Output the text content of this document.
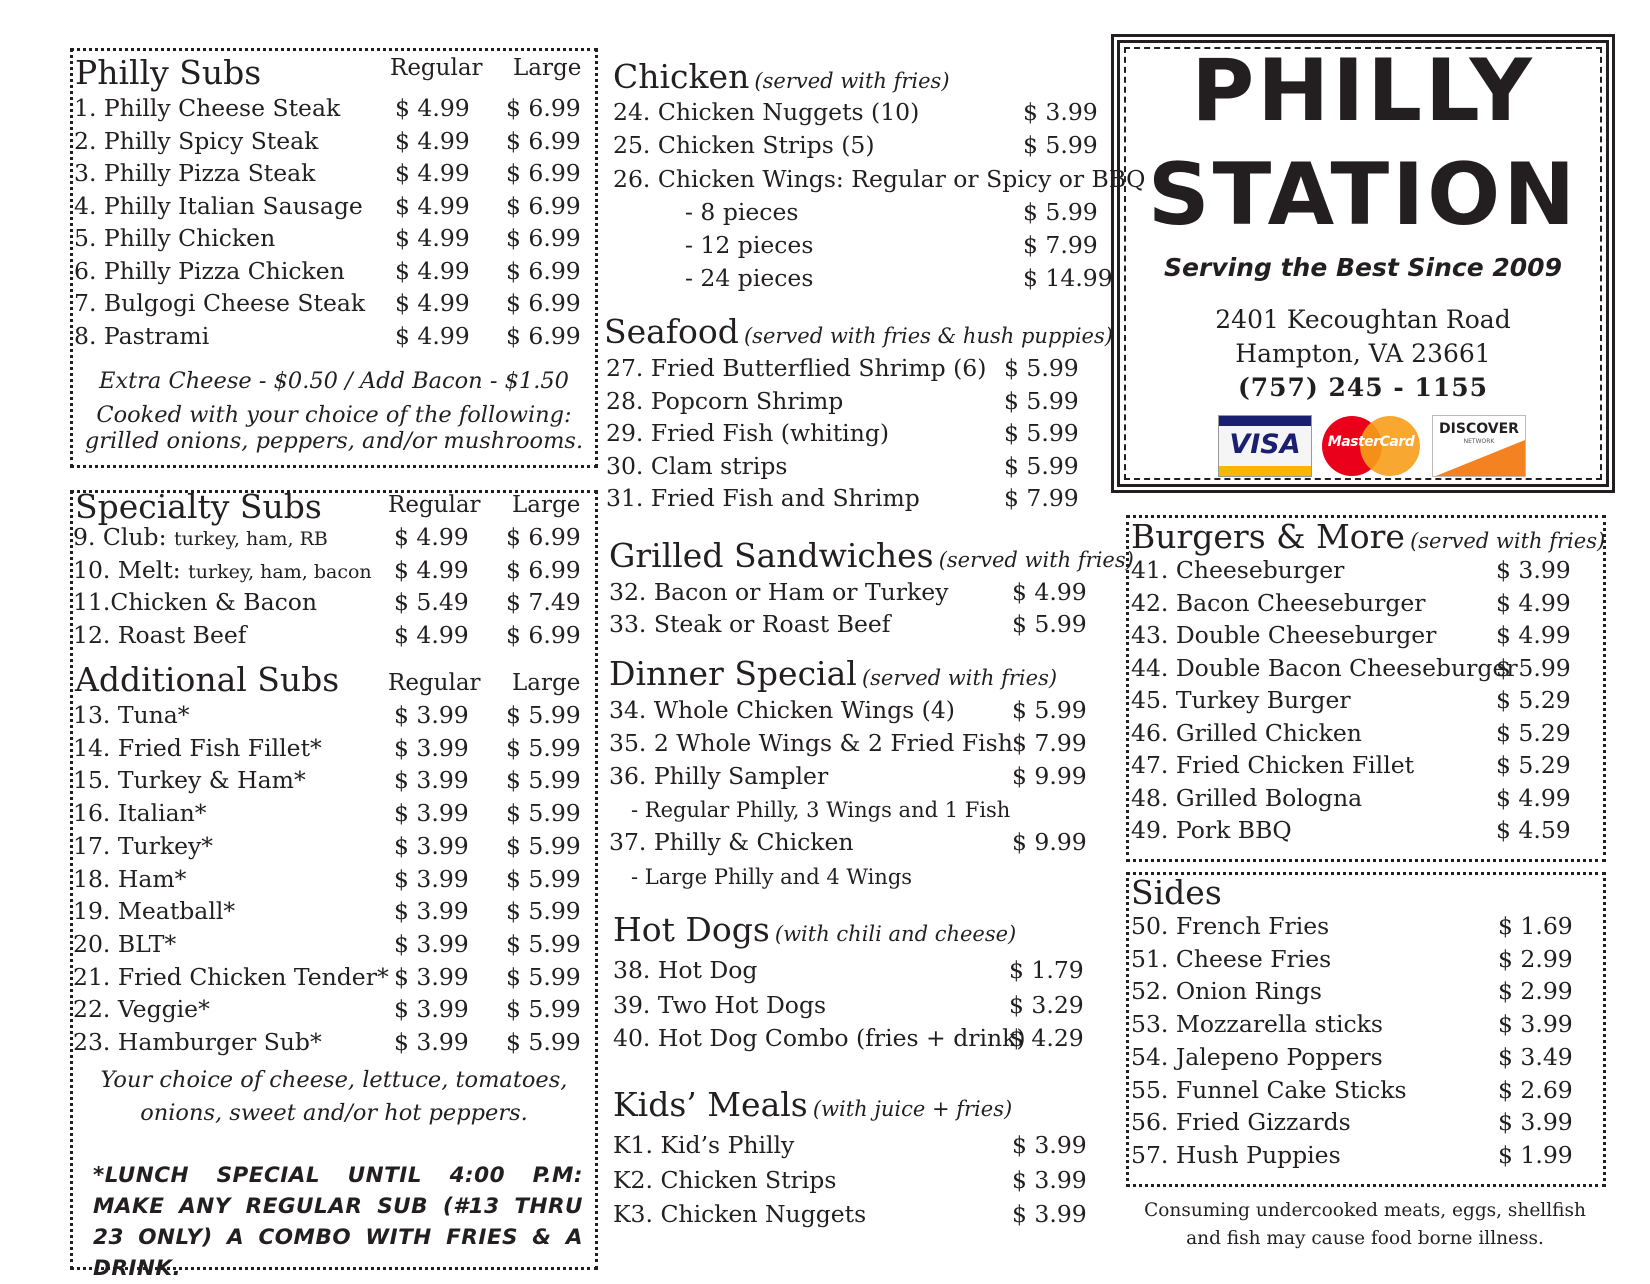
Philly Subs	Regular Large
1. Philly Cheese Steak $ 4.99 $ 6.99
2. Philly Spicy Steak	$ 4.99 $ 6.99
3. Philly Pizza Steak	$ 4.99 $ 6.99
4. Philly Italian Sausage $ 4.99 $ 6.99
5. Philly Chicken	$ 4.99 $ 6.99
6. Philly Pizza Chicken $ 4.99 $ 6.99
7. Bulgogi Cheese Steak $ 4.99 $ 6.99
8. Pastrami	$ 4.99 $ 6.99
Extra Cheese - $0.50 / Add Bacon - $1.50
Cooked with your choice of the following:
grilled onions, peppers, and/or mushrooms.
Specialty Subs	Regular Large
9. Club: turkey, ham, RB	$ 4.99 $ 6.99
10. Melt: turkey, ham, bacon $ 4.99 $ 6.99
11.Chicken & Bacon	$ 5.49 $ 7.49
12. Roast Beef	$ 4.99 $ 6.99
Additional Subs Regular Large
13. Tuna*	$ 3.99 $ 5.99
14. Fried Fish Fillet*	$ 3.99 $ 5.99
15. Turkey & Ham*	$ 3.99 $ 5.99
16. Italian*	$ 3.99 $ 5.99
17. Turkey*	$ 3.99 $ 5.99
18. Ham*	$ 3.99 $ 5.99
19. Meatball*	$ 3.99 $ 5.99
20. BLT*	$ 3.99 $ 5.99
21. Fried Chicken Tender* $ 3.99 $ 5.99
22. Veggie*	$ 3.99 $ 5.99
23. Hamburger Sub*	$ 3.99 $ 5.99
Your choice of cheese, lettuce, tomatoes,
onions, sweet and/or hot peppers.
*LUNCH SPECIAL UNTIL 4:00 P.M: MAKE ANY REGULAR SUB (#13 THRU 23 ONLY) A COMBO WITH FRIES & A DRINK.
Chicken (served with fries)
24. Chicken Nuggets (10)	$ 3.99
25. Chicken Strips (5)	$ 5.99
26. Chicken Wings: Regular or Spicy or BBQ
- 8 pieces	$ 5.99
- 12 pieces	$ 7.99
- 24 pieces	$ 14.99
Seafood (served with fries & hush puppies)
27. Fried Butterflied Shrimp (6) $ 5.99
28. Popcorn Shrimp	$ 5.99
29. Fried Fish (whiting)	$ 5.99
30. Clam strips	$ 5.99
31. Fried Fish and Shrimp	$ 7.99
Grilled Sandwiches (served with fries)
32. Bacon or Ham or Turkey	$ 4.99
33. Steak or Roast Beef	$ 5.99
Dinner Special (served with fries)
34. Whole Chicken Wings (4) $ 5.99
35. 2 Whole Wings & 2 Fried Fish $ 7.99
36. Philly Sampler	$ 9.99
- Regular Philly, 3 Wings and 1 Fish
37. Philly & Chicken	$ 9.99
- Large Philly and 4 Wings
Hot Dogs (with chili and cheese)
38. Hot Dog	$ 1.79
39. Two Hot Dogs	$ 3.29
40. Hot Dog Combo (fries + drink)
$ 4.29
Kids’ Meals (with juice + fries)
K1. Kid’s Philly	$ 3.99
K2. Chicken Strips	$ 3.99
K3. Chicken Nuggets	$ 3.99
PHILLY
STATION
Serving the Best Since 2009
2401 Kecoughtan Road
Hampton, VA 23661
(757) 245 - 1155
VISA	MasterCard
DISCOVER
NETWORK
Burgers & More (served with fries)
41. Cheeseburger	$ 3.99
42. Bacon Cheeseburger	$ 4.99
43. Double Cheeseburger	$ 4.99
44. Double Bacon Cheeseburger
$ 5.99
45. Turkey Burger	$ 5.29
46. Grilled Chicken	$ 5.29
47. Fried Chicken Fillet	$ 5.29
48. Grilled Bologna	$ 4.99
49. Pork BBQ	$ 4.59
Sides
50. French Fries	$ 1.69
51. Cheese Fries	$ 2.99
52. Onion Rings	$ 2.99
53. Mozzarella sticks	$ 3.99
54. Jalepeno Poppers	$ 3.49
55. Funnel Cake Sticks	$ 2.69
56. Fried Gizzards	$ 3.99
57. Hush Puppies	$ 1.99
Consuming undercooked meats, eggs, shellfish
and fish may cause food borne illness.
